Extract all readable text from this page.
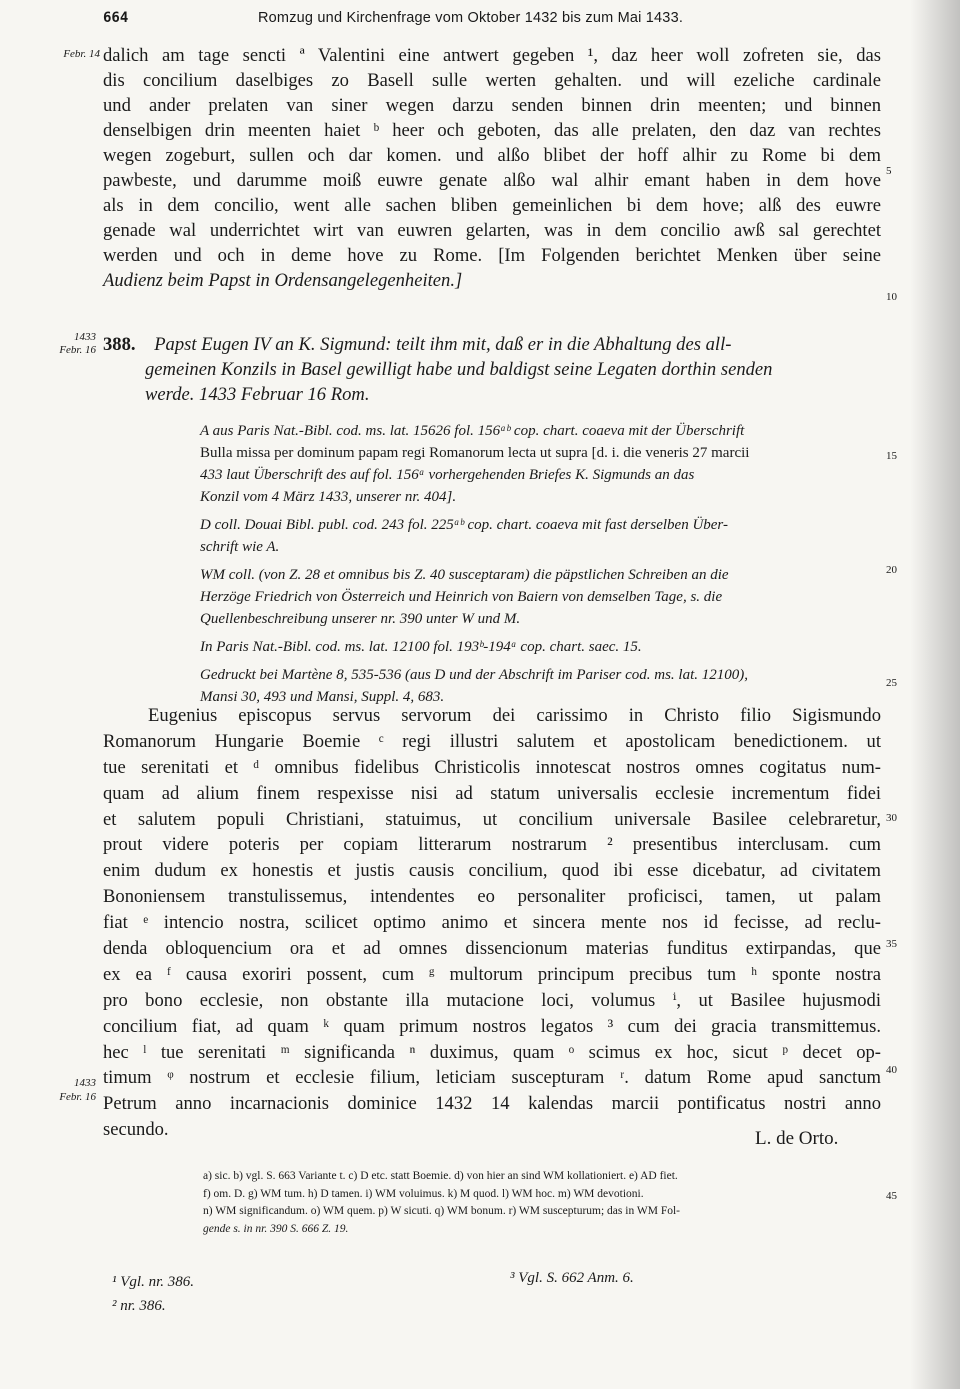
664	Romzug und Kirchenfrage vom Oktober 1432 bis zum Mai 1433.
Febr. 14
1433
Febr. 16
1433
Febr. 16
5
10
15
20
25
30
35
40
45
dalich am tage sencti ª Valentini eine antwert gegeben ¹, daz heer woll zofreten sie, das
dis concilium daselbiges zo Basell sulle werten gehalten. und will ezeliche cardinale
und ander prelaten van siner wegen darzu senden binnen drin meenten; und binnen
denselbigen drin meenten haiet ᵇ heer och geboten, das alle prelaten, den daz van rechtes
wegen zogeburt, sullen och dar komen. und alßo blibet der hoff alhir zu Rome bi dem
pawbeste, und darumme moiß euwre genate alßo wal alhir emant haben in dem hove
als in dem concilio, went alle sachen bliben gemeinlichen bi dem hove; alß des euwre
genade wal underrichtet wirt van euwren gelarten, was in dem concilio awß sal gerechtet
werden und och in deme hove zu Rome. [Im Folgenden berichtet Menken über seine
Audienz beim Papst in Ordensangelegenheiten.]
388. Papst Eugen IV an K. Sigmund: teilt ihm mit, daß er in die Abhaltung des all-
gemeinen Konzils in Basel gewilligt habe und baldigst seine Legaten dorthin senden
werde. 1433 Februar 16 Rom.
A aus Paris Nat.-Bibl. cod. ms. lat. 15626 fol. 156ᵃᵇ cop. chart. coaeva mit der Überschrift
Bulla missa per dominum papam regi Romanorum lecta ut supra [d. i. die veneris 27 marcii
433 laut Überschrift des auf fol. 156ᵃ vorhergehenden Briefes K. Sigmunds an das
Konzil vom 4 März 1433, unserer nr. 404].
D coll. Douai Bibl. publ. cod. 243 fol. 225ᵃᵇ cop. chart. coaeva mit fast derselben Über-
schrift wie A.
WM coll. (von Z. 28 et omnibus bis Z. 40 susceptaram) die päpstlichen Schreiben an die
Herzöge Friedrich von Österreich und Heinrich von Baiern von demselben Tage, s. die
Quellenbeschreibung unserer nr. 390 unter W und M.
In Paris Nat.-Bibl. cod. ms. lat. 12100 fol. 193ᵇ-194ᵃ cop. chart. saec. 15.
Gedruckt bei Martène 8, 535-536 (aus D und der Abschrift im Pariser cod. ms. lat. 12100),
Mansi 30, 493 und Mansi, Suppl. 4, 683.
Eugenius episcopus servus servorum dei carissimo in Christo filio Sigismundo
Romanorum Hungarie Boemie ᶜ regi illustri salutem et apostolicam benedictionem. ut
tue serenitati et ᵈ omnibus fidelibus Christicolis innotescat nostros omnes cogitatus num-
quam ad alium finem respexisse nisi ad statum universalis ecclesie incrementum fidei
et salutem populi Christiani, statuimus, ut concilium universale Basilee celebraretur,
prout videre poteris per copiam litterarum nostrarum ² presentibus interclusam. cum
enim dudum ex honestis et justis causis concilium, quod ibi esse dicebatur, ad civitatem
Bononiensem transtulissemus, intendentes eo personaliter proficisci, tamen, ut palam
fiat ᵉ intencio nostra, scilicet optimo animo et sincera mente nos id fecisse, ad reclu-
denda obloquencium ora et ad omnes dissencionum materias funditus extirpandas, que
ex ea ᶠ causa exoriri possent, cum ᵍ multorum principum precibus tum ʰ sponte nostra
pro bono ecclesie, non obstante illa mutacione loci, volumus ⁱ, ut Basilee hujusmodi
concilium fiat, ad quam ᵏ quam primum nostros legatos ³ cum dei gracia transmittemus.
hec ˡ tue serenitati ᵐ significanda ⁿ duximus, quam ᵒ scimus ex hoc, sicut ᵖ decet op-
timum ᵠ nostrum et ecclesie filium, leticiam suscepturam ʳ. datum Rome apud sanctum
Petrum anno incarnacionis dominice 1432 14 kalendas marcii pontificatus nostri anno
secundo.	L. de Orto.
a) sic. b) vgl. S. 663 Variante t. c) D etc. statt Boemie. d) von hier an sind WM kollationiert. e) AD fiet.
f) om. D. g) WM tum. h) D tamen. i) WM voluimus. k) M quod. l) WM hoc. m) WM devotioni.
n) WM significandum. o) WM quem. p) W sicuti. q) WM bonum. r) WM suscepturum; das in WM Fol-
gende s. in nr. 390 S. 666 Z. 19.
¹ Vgl. nr. 386.
² nr. 386.
³ Vgl. S. 662 Anm. 6.
